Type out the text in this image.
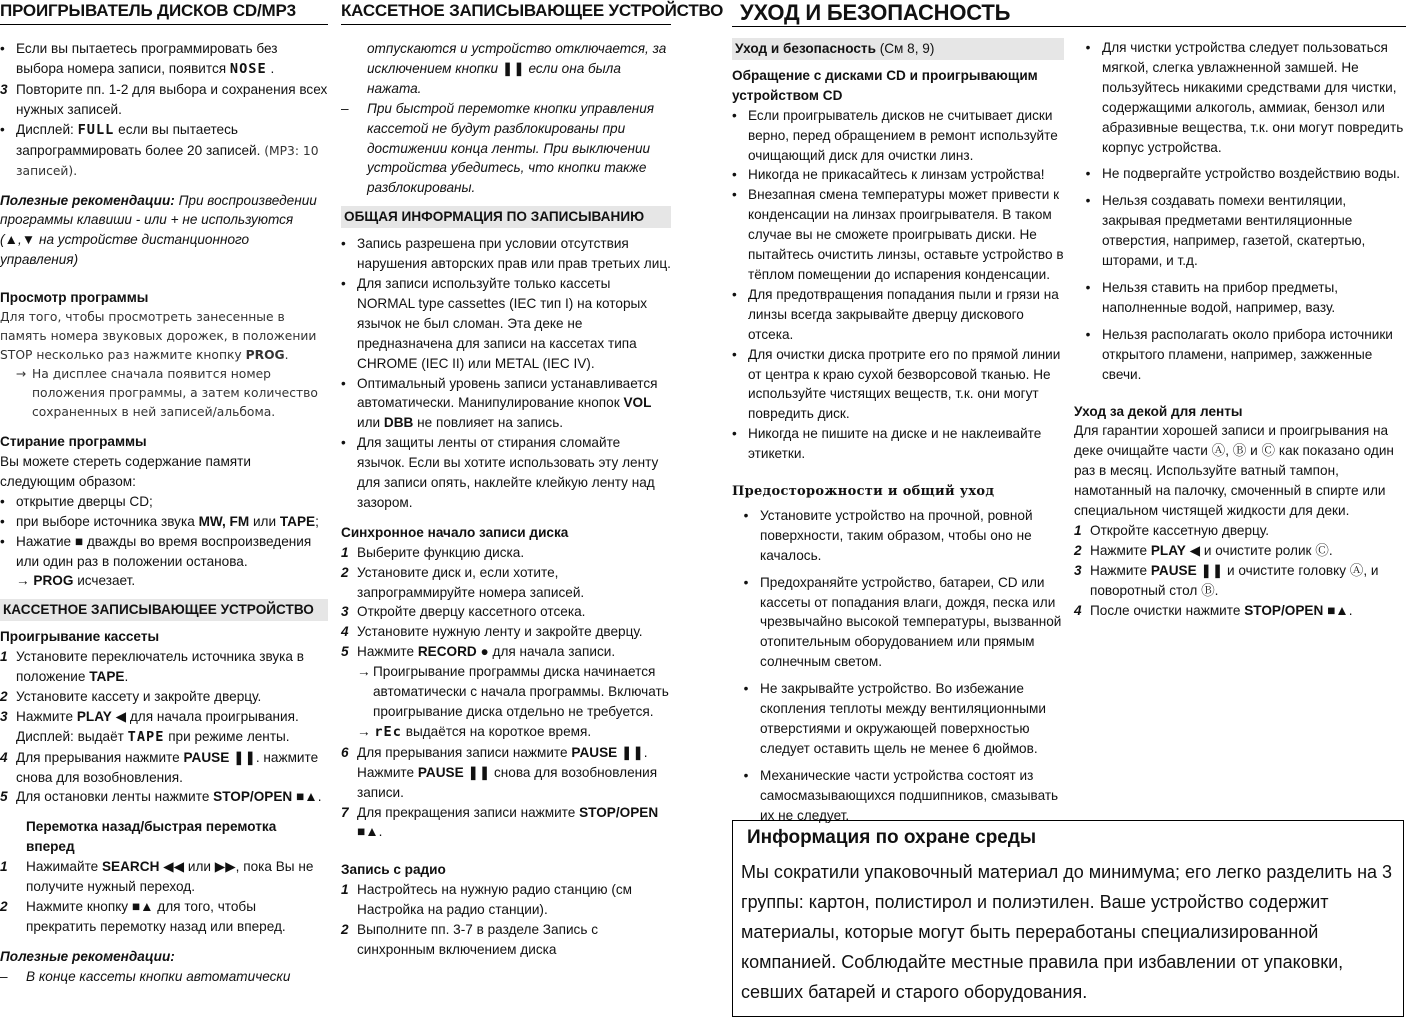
ПРОИГРЫВАТЕЛЬ ДИСКОВ CD/MP3
• Если вы пытаетесь программировать без выбора номера записи, появится NOSE .
3 Повторите пп. 1-2 для выбора и сохранения всех нужных записей.
• Дисплей: FULL если вы пытаетесь запрограммировать более 20 записей. (MP3: 10 записей).

Полезные рекомендации: При воспроизведении программы клавиши - или + не используются (▲,▼ на устройстве дистанционного управления)

Просмотр программы

Для того, чтобы просмотреть занесенные в память номера звуковых дорожек, в положении STOP несколько раз нажмите кнопку PROG.

→ На дисплее сначала появится номер положения программы, а затем количество сохраненных в ней записей/альбома.

Стирание программы

Вы можете стереть содержание памяти следующим образом:

• открытие дверцы CD;
• при выборе источника звука MW, FM или TAPE;
• Нажатие ■ дважды во время воспроизведения или один раз в положении останова.
→ PROG исчезает.
КАССЕТНОЕ ЗАПИСЫВАЮЩЕЕ УСТРОЙСТВО

Проигрывание кассеты

1 Установите переключатель источника звука в положение TAPE.
2 Установите кассету и закройте дверцу.
3 Нажмите PLAY ◀ для начала проигрывания.
Дисплей: выдаёт TAPE при режиме ленты.
4 Для прерывания нажмите PAUSE ❚❚. нажмите снова для возобновления.
5 Для остановки ленты нажмите STOP/OPEN ■▲.

Перемотка назад/быстрая перемотка вперед

1	Нажимайте SEARCH ◀◀ или ▶▶, пока Вы не получите нужный переход.
2	Нажмите кнопку ■▲ для того, чтобы прекратить перемотку назад или вперед.

Полезные рекомендации:

–	В конце кассеты кнопки автоматически
КАССЕТНОЕ ЗАПИСЫВАЮЩЕЕ УСТРОЙСТВО

отпускаются и устройство отключается, за исключением кнопки ❚❚ если она была нажата.

–	При быстрой перемотке кнопки управления кассетой не будут разблокированы при достижении конца ленты. При выключении устройства убедитесь, что кнопки также разблокированы.
ОБЩАЯ ИНФОРМАЦИЯ ПО ЗАПИСЫВАНИЮ
• Запись разрешена при условии отсутствия нарушения авторских прав или прав третьих лиц.
• Для записи используйте только кассеты NORMAL type cassettes (IEC тип I) на которых язычок не был сломан. Эта деке не предназначена для записи на кассетах типа CHROME (IEC II) или METAL (IEC IV).
• Оптимальный уровень записи устанавливается автоматически. Манипулирование кнопок VOL или DBB не повлияет на запись.
• Для защиты ленты от стирания сломайте язычок. Если вы хотите использовать эту ленту для записи опять, наклейте клейкую ленту над зазором.

Синхронное начало записи диска

1 Выберите функцию диска.
2 Установите диск и, если хотите, запрограммируйте номера записей.
3 Откройте дверцу кассетного отсека.
4 Установите нужную ленту и закройте дверцу.
5 Нажмите RECORD ● для начала записи.
→ Проигрывание программы диска начинается автоматически с начала программы. Включать проигрывание диска отдельно не требуется.
→ rEc выдаётся на короткое время.
6 Для прерывания записи нажмите PAUSE ❚❚. Нажмите PAUSE ❚❚ снова для возобновления записи.
7 Для прекращения записи нажмите STOP/OPEN ■▲.

Запись с радио

1 Настройтесь на нужную радио станцию (см Настройка на радио станции).
2 Выполните пп. 3-7 в разделе Запись с синхронным включением диска
УХОД И БЕЗОПАСНОСТЬ
Уход и безопасность (См 8, 9)

Обращение с дисками CD и проигрывающим устройством CD

• Если проигрыватель дисков не считывает диски верно, перед обращением в ремонт используйте очищающий диск для очистки линз.
• Никогда не прикасайтесь к линзам устройства!
• Внезапная смена температуры может привести к конденсации на линзах проигрывателя. В таком случае вы не сможете проигрывать диски. Не пытайтесь очистить линзы, оставьте устройство в тёплом помещении до испарения конденсации.
• Для предотвращения попадания пыли и грязи на линзы всегда закрывайте дверцу дискового отсека.
• Для очистки диска протрите его по прямой линии от центра к краю сухой безворсовой тканью. Не используйте чистящих веществ, т.к. они могут повредить диск.
• Никогда не пишите на диске и не наклеивайте этикетки.

Предосторожности и общий уход

• Установите устройство на прочной, ровной поверхности, таким образом, чтобы оно не качалось.
• Предохраняйте устройство, батареи, CD или кассеты от попадания влаги, дождя, песка или чрезвычайно высокой температуры, вызванной отопительным оборудованием или прямым солнечным светом.
• Не закрывайте устройство. Во избежание скопления теплоты между вентиляционными отверстиями и окружающей поверхностью следует оставить щель не менее 6 дюймов.
• Механические части устройства состоят из самосмазывающихся подшипников, смазывать их не следует.
• Для чистки устройства следует пользоваться мягкой, слегка увлажненной замшей. Не пользуйтесь никакими средствами для чистки, содержащими алкоголь, аммиак, бензол или абразивные вещества, т.к. они могут повредить корпус устройства.
• Не подвергайте устройство воздействию воды.
• Нельзя создавать помехи вентиляции, закрывая предметами вентиляционные отверстия, например, газетой, скатертью, шторами, и т.д.
• Нельзя ставить на прибор предметы, наполненные водой, например, вазу.
• Нельзя располагать около прибора источники открытого пламени, например, зажженные свечи.

Уход за декой для ленты

Для гарантии хорошей записи и проигрывания на деке очищайте части Ⓐ, Ⓑ и Ⓒ как показано один раз в месяц. Используйте ватный тампон, намотанный на палочку, смоченный в спирте или специальном чистящей жидкости для деки.

1 Откройте кассетную дверцу.
2 Нажмите PLAY ◀ и очистите ролик Ⓒ.
3 Нажмите PAUSE ❚❚ и очистите головку Ⓐ, и поворотный стол Ⓑ.
4 После очистки нажмите STOP/OPEN ■▲.
Информация по охране среды

Мы сократили упаковочный материал до минимума; его легко разделить на 3 группы: картон, полистирол и полиэтилен. Ваше устройство содержит материалы, которые могут быть переработаны специализированной компанией. Соблюдайте местные правила при избавлении от упаковки, севших батарей и старого оборудования.
